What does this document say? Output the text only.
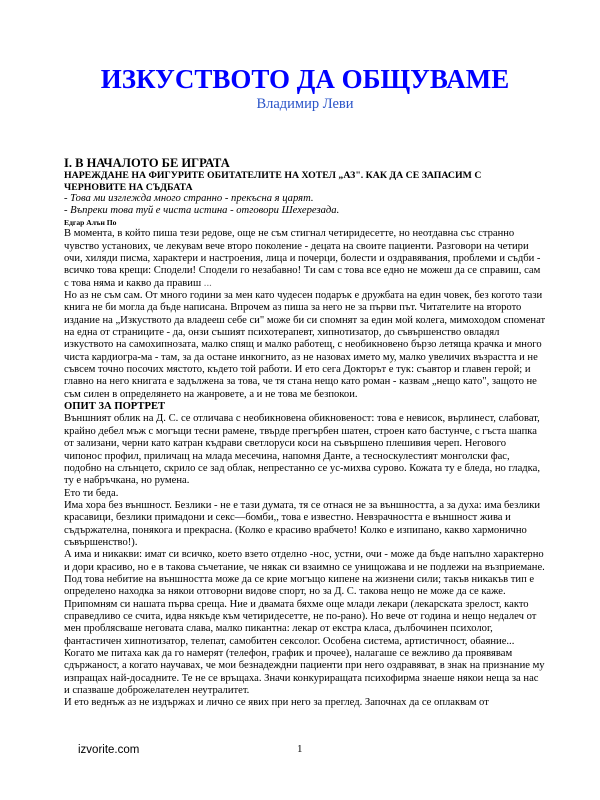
ИЗКУСТВОТО ДА ОБЩУВАМЕ
Владимир Леви
I. В НАЧАЛОТО БЕ ИГРАТА
НАРЕЖДАНЕ НА ФИГУРИТЕ ОБИТАТЕЛИТЕ НА ХОТЕЛ „АЗ". КАК ДА СЕ ЗАПАСИМ С ЧЕРНОВИТЕ НА СЪДБАТА
- Това ми изглежда много странно - прекъсна я царят.
- Въпреки това туй е чиста истина - отговори Шехерезада.
Едгар Алън По

В момента, в който пиша тези редове, още не съм стигнал четиридесетте, но неотдавна със странно чувство установих, че лекувам вече второ поколение - децата на своите пациенти. Разговори на четири очи, хиляди писма, характери и настроения, лица и почерци, болести и оздравявания, проблеми и съдби - всичко това крещи: Сподели! Сподели го незабавно! Ти сам с това все едно не можеш да се справиш, сам с това няма и какво да правиш ...

Но аз не съм сам. От много години за мен като чудесен подарък е дружбата на един човек, без когото тази книга не би могла да бъде написана. Впрочем аз пиша за него не за първи път. Читателите на второто издание на „Изкуството да владееш себе си" може би си спомнят за един мой колега, мимоходом споменат на една от страниците - да, онзи съшият психотерапевт, хипнотизатор, до съвършенство овладял изкуството на самохипнозата, малко спящ и малко работещ, с необикновено бързо летяща крачка и много чиста кардиогра-ма - там, за да остане инкогнито, аз не назовах името му, малко увеличих възрастта и не съвсем точно посочих мястото, където той работи. И ето сега Докторът е тук: съавтор и главен герой; и главно на него книгата е задължена за това, че тя стана нещо като роман - казвам „нещо като", защото не съм силен в определянето на жанровете, а и не това ме безпокои.

ОПИТ ЗА ПОРТРЕТ

Външният облик на Д. С. се отличава с необикновена обикновеност: това е невисок, върлинест, слабоват, крайно дебел мъж с могъщи тесни рамене, твърде прегърбен шатен, строен като бастунче, с гъста шапка от зализани, черни като катран къдрави светлоруси коси на съвършено плешивия череп. Негового чипонос профил, приличащ на млада месечина, напомня Данте, а тесноскулестият монголски фас, подобно на слънцето, скрило се зад облак, непрестанно се ус-михва сурово. Кожата ту е бледа, но гладка, ту е набръчкана, но румена.

Ето ти беда.

Има хора без външност. Безлики - не е тази думата, тя се отнася не за външността, а за духа: има безлики красавици, безлики примадони и секс—бомби,, това е известно. Невзрачността е външност жива и съдържателна, понякога и прекрасна. (Колко е красиво врабчето! Колко е изпипано, какво хармонично съвършенство!).

А има и никакви: имат си всичко, което взето отделно -нос, устни, очи - може да бъде напълно характерно и дори красиво, но е в такова съчетание, че някак си взаимно се унищожава и не подлежи на възприемане. Под това небитие на външността може да се крие могъщо кипене на жизнени сили; такъв никакъв тип е определено находка за някои отговорни видове спорт, но за Д. С. такова нещо не може да се каже.

Припомням си нашата първа среща. Ние и двамата бяхме още млади лекари (лекарската зрелост, както справедливо се счита, идва някъде към четиридесетте, не по-рано). Но вече от година и нещо недалеч от мен проблясваше неговата слава, малко пикантна: лекар от екстра класа, дълбочинен психолог, фантастичен хипнотизатор, телепат, самобитен сексолог. Особена система, артистичност, обаяние... Когато ме питаха как да го намерят (телефон, график и прочее), налагаше се вежливо да проявявам сдържаност, а когато научавах, че мои безнадеждни пациенти при него оздравяват, в знак на признание му изпращах най-досадните. Те не се връщаха. Значи конкуриращата психофирма знаеше някои неща за нас и спазваше доброжелателен неутралитет.

И ето веднъж аз не издържах и лично се явих при него за преглед. Започнах да се оплаквам от

izvorite.com	1
